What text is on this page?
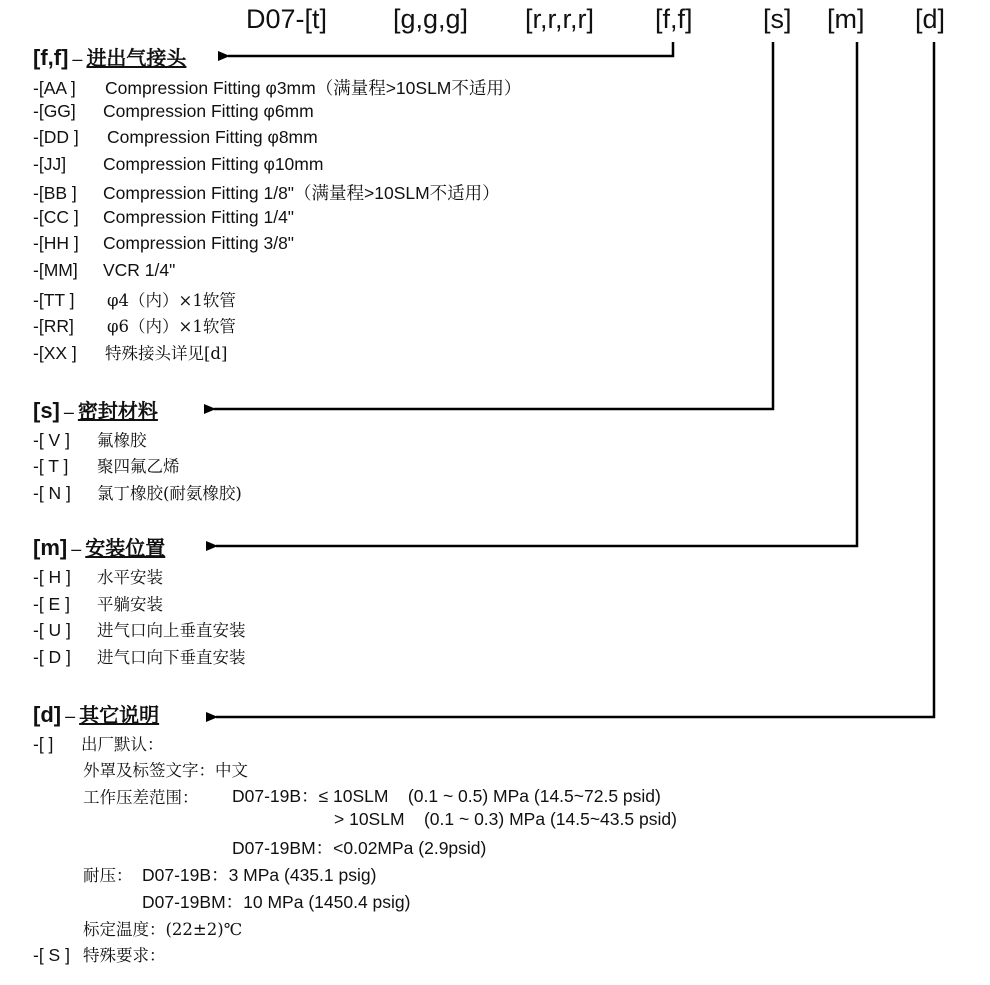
D07-[t] [g,g,g] [r,r,r,r] [f,f]	[s] [m] [d]
[f,f] – 进出气接头
-[AA ] Compression Fitting φ3mm（满量程>10SLM不适用）
-[GG] Compression Fitting φ6mm
-[DD ] Compression Fitting φ8mm
-[JJ] Compression Fitting φ10mm
-[BB ] Compression Fitting 1/8"（满量程>10SLM不适用）
-[CC ] Compression Fitting 1/4"
-[HH ] Compression Fitting 3/8"
-[MM] VCR 1/4"
-[TT ] φ4（内）×1软管
-[RR] φ6（内）×1软管
-[XX ] 特殊接头详见[d]
[s] – 密封材料
-[ V ] 氟橡胶
-[ T ] 聚四氟乙烯
-[ N ] 氯丁橡胶(耐氨橡胶)
[m] – 安装位置
-[ H ] 水平安装
-[ E ] 平躺安装
-[ U ] 进气口向上垂直安装
-[ D ] 进气口向下垂直安装
[d] – 其它说明
-[ ] 出厂默认：
外罩及标签文字：中文
工作压差范围： D07-19B：≤ 10SLM    (0.1 ~ 0.5) MPa (14.5~72.5 psid)
> 10SLM    (0.1 ~ 0.3) MPa (14.5~43.5 psid)
D07-19BM：<0.02MPa (2.9psid)
耐压： D07-19B：3 MPa (435.1 psig)
D07-19BM：10 MPa (1450.4 psig)
标定温度：(22±2)℃
-[ S ] 特殊要求：
